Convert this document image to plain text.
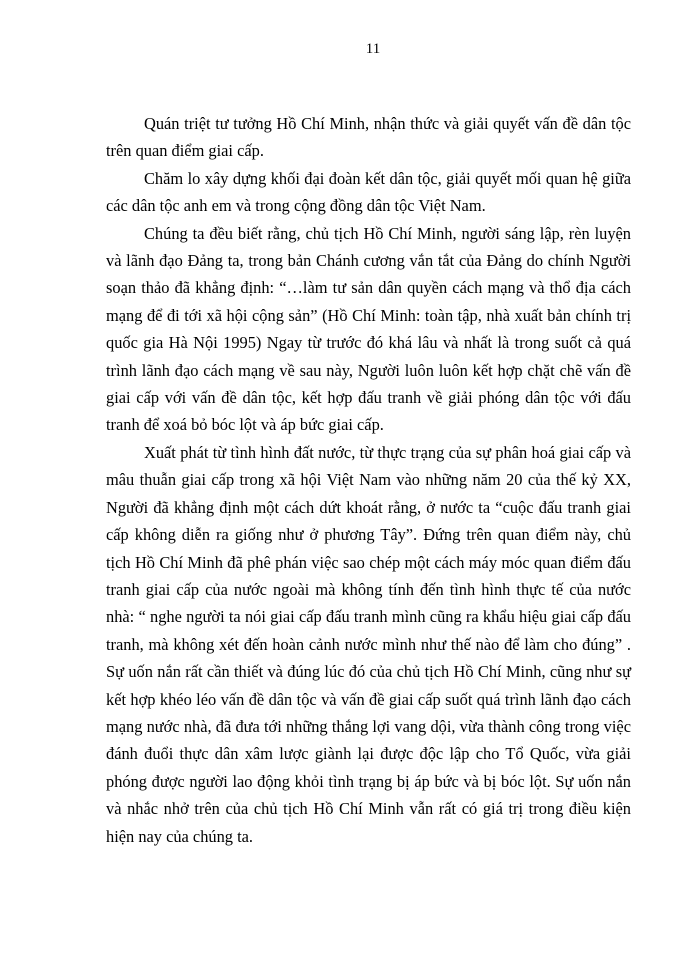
11

Quán triệt tư tưởng Hồ Chí Minh, nhận thức và giải quyết vấn đề dân tộc trên quan điểm giai cấp.

Chăm lo xây dựng khối đại đoàn kết dân tộc, giải quyết mối quan hệ giữa các dân tộc anh em và trong cộng đồng dân tộc Việt Nam.

Chúng ta đều biết rằng, chủ tịch Hồ Chí Minh, người sáng lập, rèn luyện và lãnh đạo Đảng ta, trong bản Chánh cương vắn tắt của Đảng do chính Người soạn thảo đã khẳng định: “…làm tư sản dân quyền cách mạng và thổ địa cách mạng để đi tới xã hội cộng sản” (Hồ Chí Minh: toàn tập, nhà xuất bản chính trị quốc gia Hà Nội 1995) Ngay từ trước đó khá lâu và nhất là trong suốt cả quá trình lãnh đạo cách mạng về sau này, Người luôn luôn kết hợp chặt chẽ vấn đề giai cấp với vấn đề dân tộc, kết hợp đấu tranh về giải phóng dân tộc với đấu tranh để xoá bỏ bóc lột và áp bức giai cấp.

Xuất phát từ tình hình đất nước, từ thực trạng của sự phân hoá giai cấp và mâu thuẫn giai cấp trong xã hội Việt Nam vào những năm 20 của thế kỷ XX, Người đã khẳng định một cách dứt khoát rằng, ở nước ta “cuộc đấu tranh giai cấp không diễn ra giống như ở phương Tây”. Đứng trên quan điểm này, chủ tịch Hồ Chí Minh đã phê phán việc sao chép một cách máy móc quan điểm đấu tranh giai cấp của nước ngoài mà không tính đến tình hình thực tế của nước nhà: “ nghe người ta nói giai cấp đấu tranh mình cũng ra khẩu hiệu giai cấp đấu tranh, mà không xét đến hoàn cảnh nước mình như thế nào để làm cho đúng” . Sự uốn nắn rất cần thiết và đúng lúc đó của chủ tịch Hồ Chí Minh, cũng như sự kết hợp khéo léo vấn đề dân tộc và vấn đề giai cấp suốt quá trình lãnh đạo cách mạng nước nhà, đã đưa tới những thắng lợi vang dội, vừa thành công trong việc đánh đuổi thực dân xâm lược giành lại được độc lập cho Tổ Quốc, vừa giải phóng được người lao động khỏi tình trạng bị áp bức và bị bóc lột. Sự uốn nắn và nhắc nhở trên của chủ tịch Hồ Chí Minh vẫn rất có giá trị trong điều kiện hiện nay của chúng ta.
